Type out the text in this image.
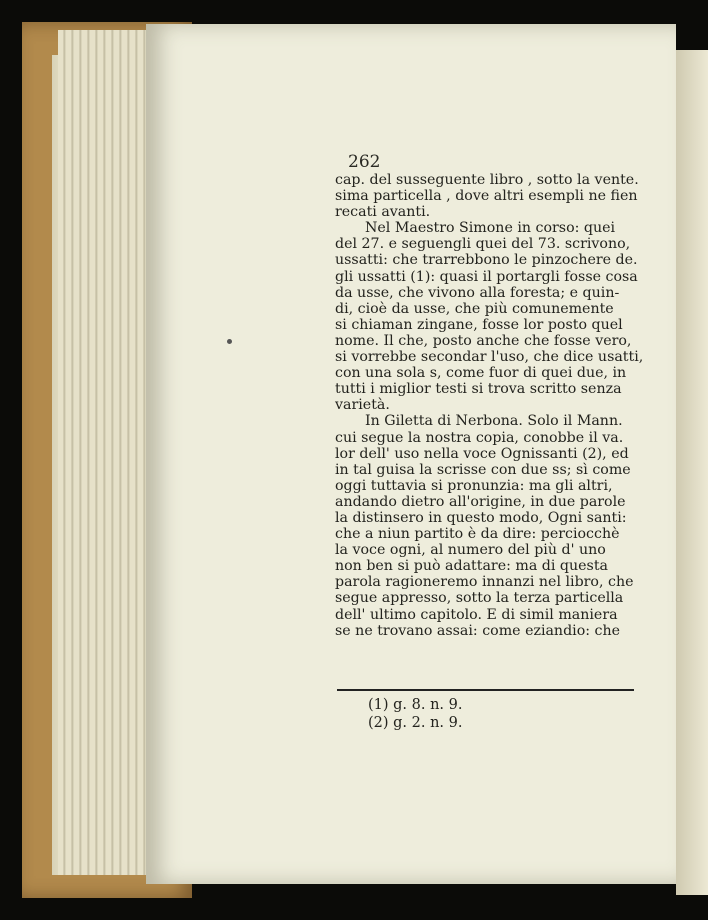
262
cap. del susseguente libro , sotto la vente.
sima particella , dove altri esempli ne fien
recati avanti.
Nel Maestro Simone in corso: quei
del 27. e seguengli quei del 73. scrivono,
ussatti: che trarrebbono le pinzochere de.
gli ussatti (1): quasi il portargli fosse cosa
da usse, che vivono alla foresta; e quin-
di, cioè da usse, che più comunemente
si chiaman zingane, fosse lor posto quel
nome. Il che, posto anche che fosse vero,
si vorrebbe secondar l'uso, che dice usatti,
con una sola s, come fuor di quei due, in
tutti i miglior testi si trova scritto senza
varietà.
In Giletta di Nerbona. Solo il Mann.
cui segue la nostra copia, conobbe il va.
lor dell' uso nella voce Ognissanti (2), ed
in tal guisa la scrisse con due ss; sì come
oggi tuttavia si pronunzia: ma gli altri,
andando dietro all'origine, in due parole
la distinsero in questo modo, Ogni santi:
che a niun partito è da dire: perciocchè
la voce ogni, al numero del più d' uno
non ben si può adattare: ma di questa
parola ragioneremo innanzi nel libro, che
segue appresso, sotto la terza particella
dell' ultimo capitolo. E di simil maniera
se ne trovano assai: come eziandio: che
(1) g. 8. n. 9.
(2) g. 2. n. 9.
